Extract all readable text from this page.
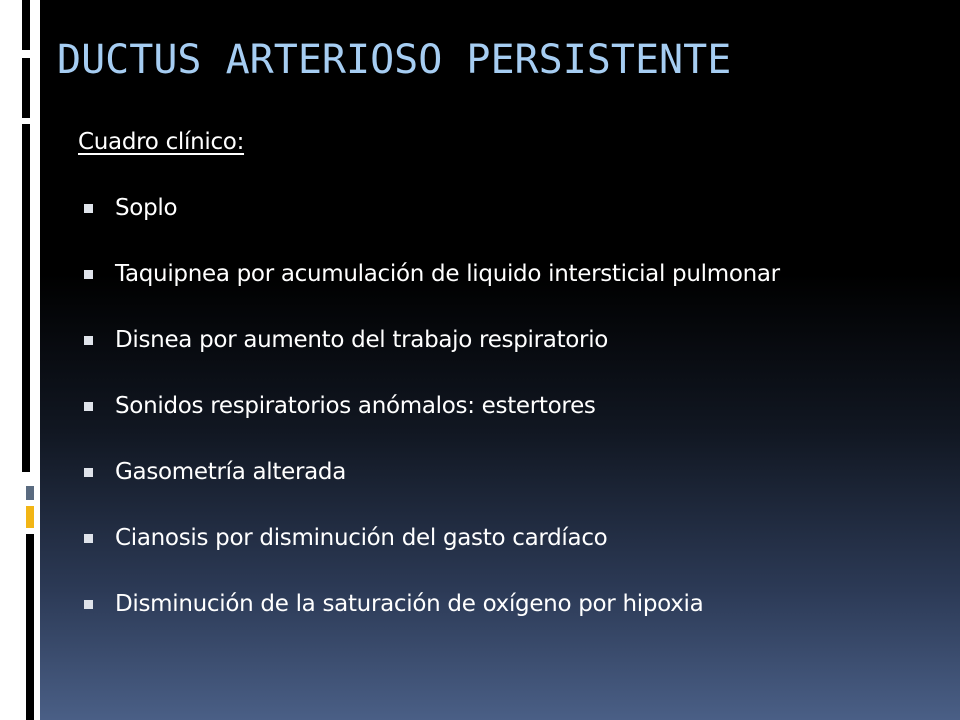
DUCTUS ARTERIOSO PERSISTENTE
Cuadro clínico:
Soplo
Taquipnea por acumulación de liquido intersticial pulmonar
Disnea por aumento del trabajo respiratorio
Sonidos respiratorios anómalos: estertores
Gasometría alterada
Cianosis por disminución del gasto cardíaco
Disminución de la saturación de oxígeno por hipoxia
